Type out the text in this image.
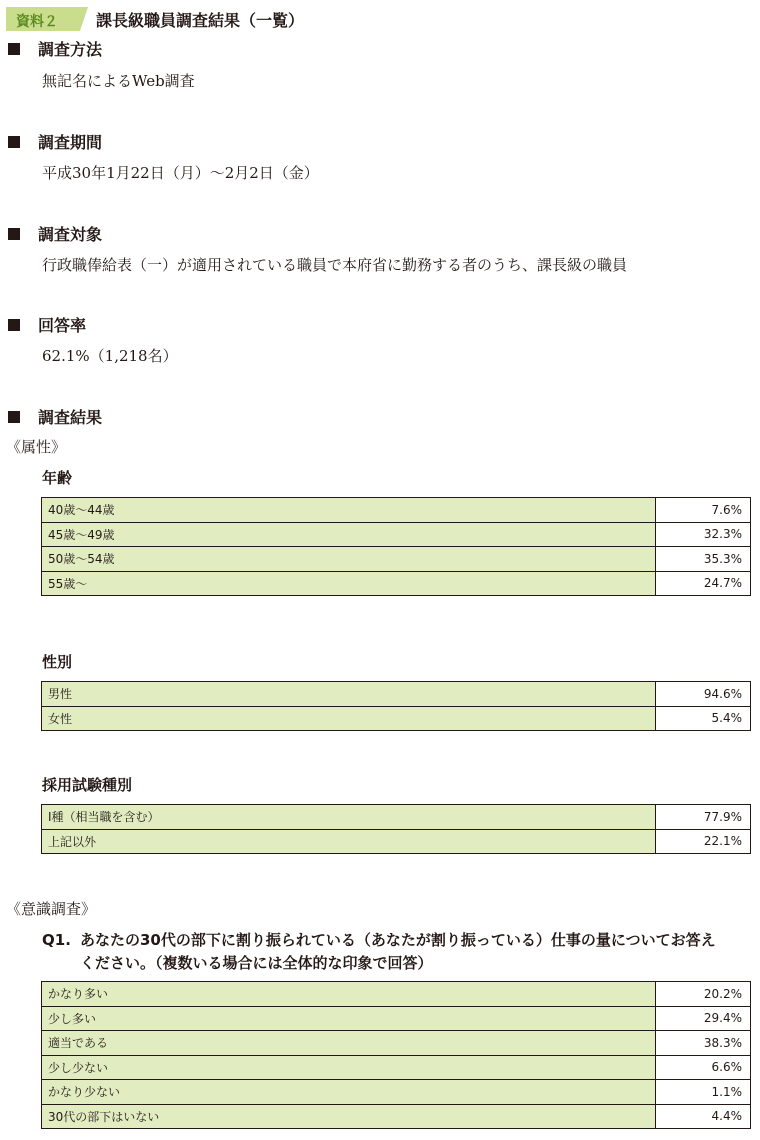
資料２	課長級職員調査結果（一覧）
調査方法
無記名によるWeb調査
調査期間
平成30年1月22日（月）〜2月2日（金）
調査対象
行政職俸給表（一）が適用されている職員で本府省に勤務する者のうち、課長級の職員
回答率
62.1%（1,218名）
調査結果
《属性》
年齢
40歳〜44歳	7.6%
45歳〜49歳	32.3%
50歳〜54歳	35.3%
55歳〜	24.7%
性別
男性	94.6%
女性	5.4%
採用試験種別
Ⅰ種（相当職を含む）	77.9%
上記以外	22.1%
《意識調査》
Q1. あなたの30代の部下に割り振られている（あなたが割り振っている）仕事の量についてお答えください。（複数いる場合には全体的な印象で回答）
かなり多い	20.2%
少し多い	29.4%
適当である	38.3%
少し少ない	6.6%
かなり少ない	1.1%
30代の部下はいない	4.4%
